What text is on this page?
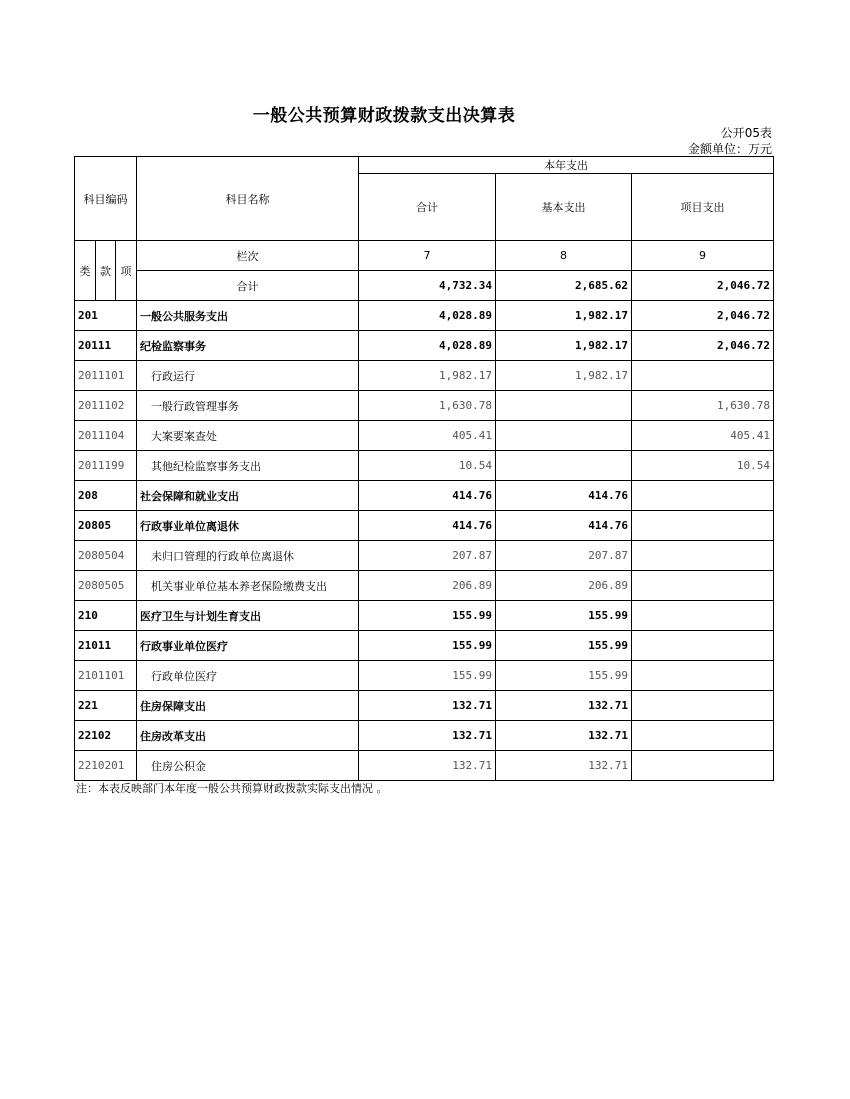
一般公共预算财政拨款支出决算表
公开05表
金额单位：万元
科目编码			科目名称	本年支出		
				合计	基本支出	项目支出
类	款	项	栏次	7	8	9
			合计	4,732.34	2,685.62	2,046.72
201			一般公共服务支出	4,028.89	1,982.17	2,046.72
20111			纪检监察事务	4,028.89	1,982.17	2,046.72
2011101			行政运行	1,982.17	1,982.17	
2011102			一般行政管理事务	1,630.78		1,630.78
2011104			大案要案查处	405.41		405.41
2011199			其他纪检监察事务支出	10.54		10.54
208			社会保障和就业支出	414.76	414.76	
20805			行政事业单位离退休	414.76	414.76	
2080504			未归口管理的行政单位离退休	207.87	207.87	
2080505			机关事业单位基本养老保险缴费支出	206.89	206.89	
210			医疗卫生与计划生育支出	155.99	155.99	
21011			行政事业单位医疗	155.99	155.99	
2101101			行政单位医疗	155.99	155.99	
221			住房保障支出	132.71	132.71	
22102			住房改革支出	132.71	132.71	
2210201			住房公积金	132.71	132.71	
注：本表反映部门本年度一般公共预算财政拨款实际支出情况 。
